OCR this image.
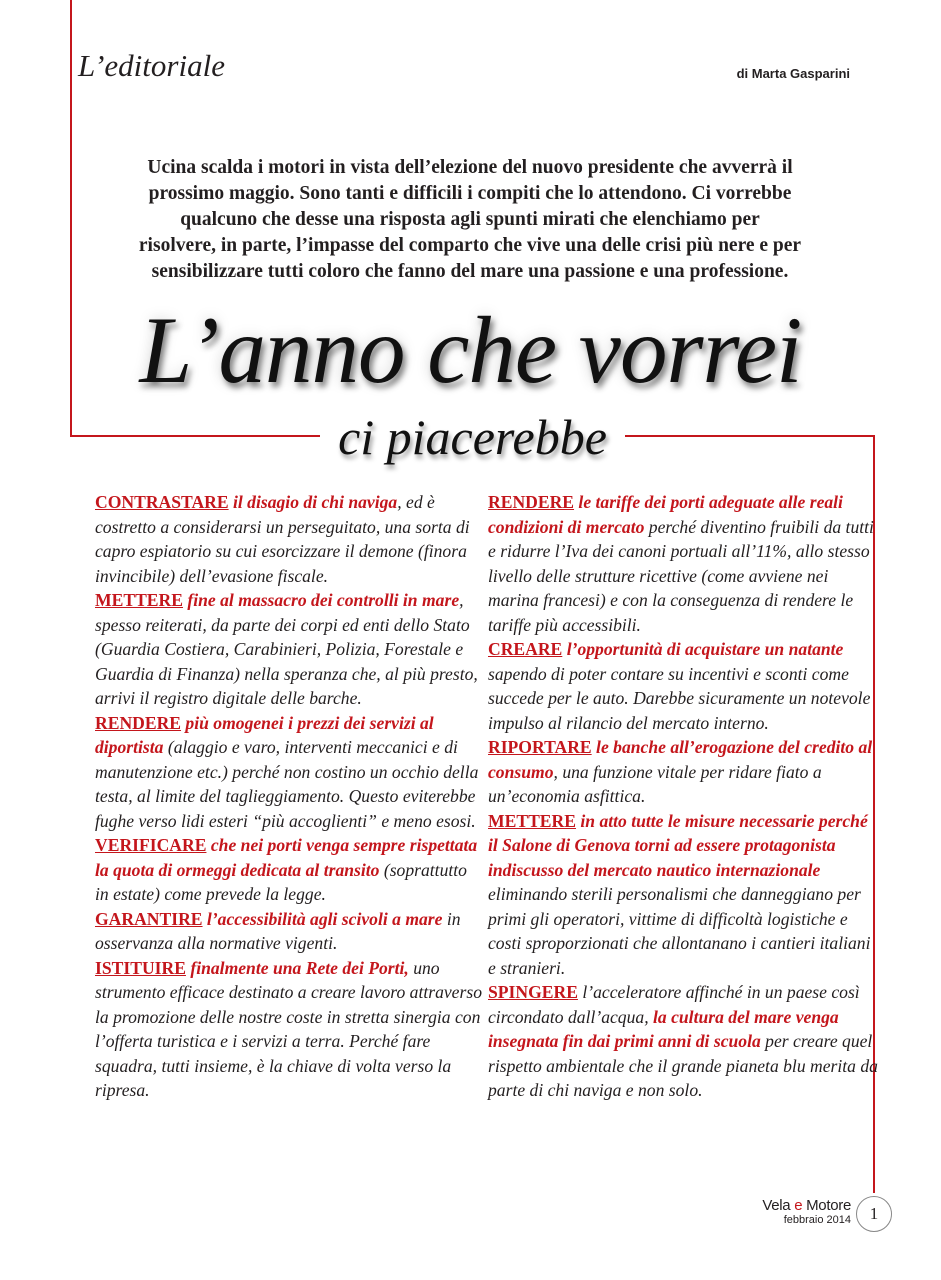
L’editoriale	di Marta Gasparini
Ucina scalda i motori in vista dell’elezione del nuovo presidente che avverrà il
prossimo maggio. Sono tanti e difficili i compiti che lo attendono. Ci vorrebbe
qualcuno che desse una risposta agli spunti mirati che elenchiamo per
risolvere, in parte, l’impasse del comparto che vive una delle crisi più nere e per
sensibilizzare tutti coloro che fanno del mare una passione e una professione.
L’anno che vorrei
ci piacerebbe

CONTRASTARE il disagio di chi naviga, ed è costretto a considerarsi un perseguitato, una sorta di capro espiatorio su cui esorcizzare il demone (finora invincibile) dell’evasione fiscale.

METTERE fine al massacro dei controlli in mare, spesso reiterati, da parte dei corpi ed enti dello Stato (Guardia Costiera, Carabinieri, Polizia, Forestale e Guardia di Finanza) nella speranza che, al più presto, arrivi il registro digitale delle barche.

RENDERE più omogenei i prezzi dei servizi al diportista (alaggio e varo, interventi meccanici e di manutenzione etc.) perché non costino un occhio della testa, al limite del taglieggiamento. Questo eviterebbe fughe verso lidi esteri “più accoglienti” e meno esosi.

VERIFICARE che nei porti venga sempre rispettata la quota di ormeggi dedicata al transito (soprattutto in estate) come prevede la legge.

GARANTIRE l’accessibilità agli scivoli a mare in osservanza alla normative vigenti.

ISTITUIRE finalmente una Rete dei Porti, uno strumento efficace destinato a creare lavoro attraverso la promozione delle nostre coste in stretta sinergia con l’offerta turistica e i servizi a terra. Perché fare squadra, tutti insieme, è la chiave di volta verso la ripresa.

RENDERE le tariffe dei porti adeguate alle reali condizioni di mercato perché diventino fruibili da tutti e ridurre l’Iva dei canoni portuali all’11%, allo stesso livello delle strutture ricettive (come avviene nei marina francesi) e con la conseguenza di rendere le tariffe più accessibili.

CREARE l’opportunità di acquistare un natante sapendo di poter contare su incentivi e sconti come succede per le auto. Darebbe sicuramente un notevole impulso al rilancio del mercato interno.

RIPORTARE le banche all’erogazione del credito al consumo, una funzione vitale per ridare fiato a un’economia asfittica.

METTERE in atto tutte le misure necessarie perché il Salone di Genova torni ad essere protagonista indiscusso del mercato nautico internazionale eliminando sterili personalismi che danneggiano per primi gli operatori, vittime di difficoltà logistiche e costi sproporzionati che allontanano i cantieri italiani e stranieri.

SPINGERE l’acceleratore affinché in un paese così circondato dall’acqua, la cultura del mare venga insegnata fin dai primi anni di scuola per creare quel rispetto ambientale che il grande pianeta blu merita da parte di chi naviga e non solo.

Vela e Motore
febbraio 2014	1
